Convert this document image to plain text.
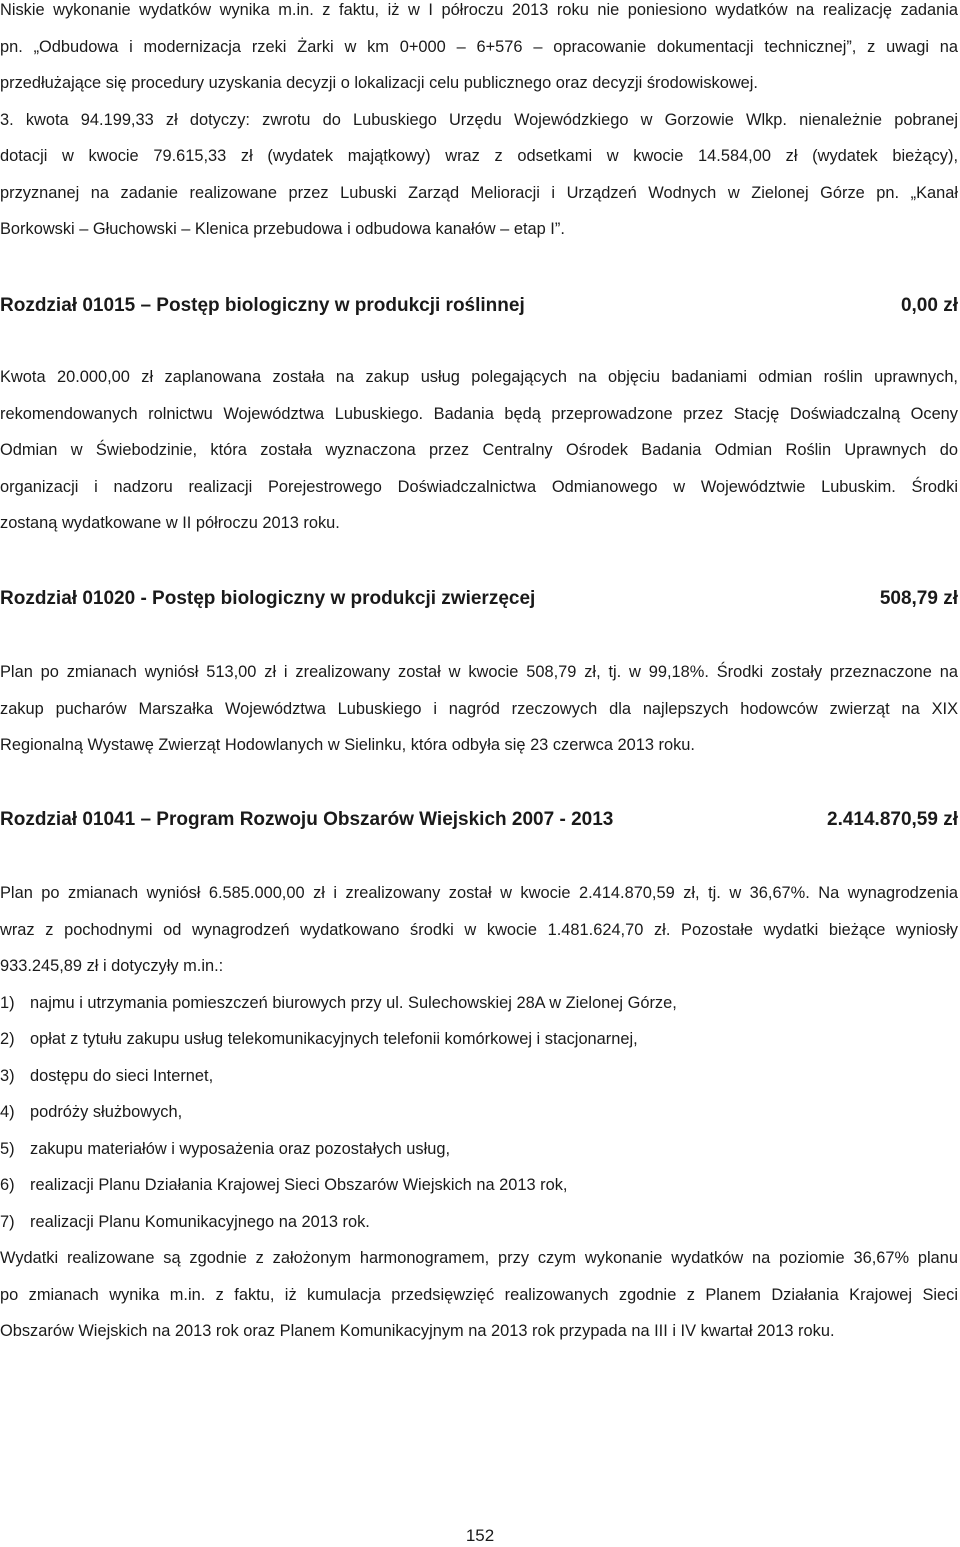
Niskie wykonanie wydatków wynika m.in. z faktu, iż w I półroczu 2013 roku nie poniesiono wydatków na realizację zadania
pn. „Odbudowa i modernizacja rzeki Żarki w km 0+000 – 6+576 – opracowanie dokumentacji technicznej”, z uwagi na
przedłużające się procedury uzyskania decyzji o lokalizacji celu publicznego oraz decyzji środowiskowej.
3. kwota 94.199,33 zł dotyczy: zwrotu do Lubuskiego Urzędu Wojewódzkiego w Gorzowie Wlkp. nienależnie pobranej
dotacji w kwocie 79.615,33 zł (wydatek majątkowy) wraz z odsetkami w kwocie 14.584,00 zł (wydatek bieżący),
przyznanej na zadanie realizowane przez Lubuski Zarząd Melioracji i Urządzeń Wodnych w Zielonej Górze pn. „Kanał
Borkowski – Głuchowski – Klenica przebudowa i odbudowa kanałów – etap I”.
Rozdział 01015 – Postęp biologiczny w produkcji roślinnej	0,00 zł
Kwota 20.000,00 zł zaplanowana została na zakup usług polegających na objęciu badaniami odmian roślin uprawnych,
rekomendowanych rolnictwu Województwa Lubuskiego. Badania będą przeprowadzone przez Stację Doświadczalną Oceny
Odmian w Świebodzinie, która została wyznaczona przez Centralny Ośrodek Badania Odmian Roślin Uprawnych do
organizacji i nadzoru realizacji Porejestrowego Doświadczalnictwa Odmianowego w Województwie Lubuskim. Środki
zostaną wydatkowane w II półroczu 2013 roku.
Rozdział 01020 - Postęp biologiczny w produkcji zwierzęcej	508,79 zł
Plan po zmianach wyniósł 513,00 zł i zrealizowany został w kwocie 508,79 zł, tj. w 99,18%. Środki zostały przeznaczone na
zakup pucharów Marszałka Województwa Lubuskiego i nagród rzeczowych dla najlepszych hodowców zwierząt na XIX
Regionalną Wystawę Zwierząt Hodowlanych w Sielinku, która odbyła się 23 czerwca 2013 roku.
Rozdział 01041 – Program Rozwoju Obszarów Wiejskich 2007 - 2013	2.414.870,59 zł
Plan po zmianach wyniósł 6.585.000,00 zł i zrealizowany został w kwocie 2.414.870,59 zł, tj. w 36,67%. Na wynagrodzenia
wraz z pochodnymi od wynagrodzeń wydatkowano środki w kwocie 1.481.624,70 zł. Pozostałe wydatki bieżące wyniosły
933.245,89 zł i dotyczyły m.in.:
1) najmu i utrzymania pomieszczeń biurowych przy ul. Sulechowskiej 28A w Zielonej Górze,
2) opłat z tytułu zakupu usług telekomunikacyjnych telefonii komórkowej i stacjonarnej,
3) dostępu do sieci Internet,
4) podróży służbowych,
5) zakupu materiałów i wyposażenia oraz pozostałych usług,
6) realizacji Planu Działania Krajowej Sieci Obszarów Wiejskich na 2013 rok,
7) realizacji Planu Komunikacyjnego na 2013 rok.
Wydatki realizowane są zgodnie z założonym harmonogramem, przy czym wykonanie wydatków na poziomie 36,67% planu
po zmianach wynika m.in. z faktu, iż kumulacja przedsięwzięć realizowanych zgodnie z Planem Działania Krajowej Sieci
Obszarów Wiejskich na 2013 rok oraz Planem Komunikacyjnym na 2013 rok przypada na III i IV kwartał 2013 roku.
152
